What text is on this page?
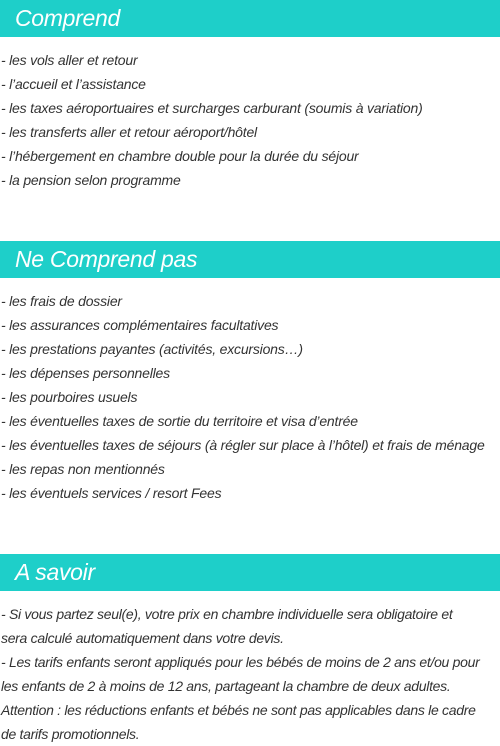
Comprend
- les vols aller et retour
- l’accueil et l’assistance
- les taxes aéroportuaires et surcharges carburant (soumis à variation)
- les transferts aller et retour aéroport/hôtel
- l’hébergement en chambre double pour la durée du séjour
- la pension selon programme
Ne Comprend pas
- les frais de dossier
- les assurances complémentaires facultatives
- les prestations payantes (activités, excursions…)
- les dépenses personnelles
- les pourboires usuels
- les éventuelles taxes de sortie du territoire et visa d’entrée
- les éventuelles taxes de séjours (à régler sur place à l’hôtel) et frais de ménage
- les repas non mentionnés
- les éventuels services / resort Fees
A savoir
- Si vous partez seul(e), votre prix en chambre individuelle sera obligatoire et
sera calculé automatiquement dans votre devis.
- Les tarifs enfants seront appliqués pour les bébés de moins de 2 ans et/ou pour
les enfants de 2 à moins de 12 ans, partageant la chambre de deux adultes.
Attention : les réductions enfants et bébés ne sont pas applicables dans le cadre
de tarifs promotionnels.
